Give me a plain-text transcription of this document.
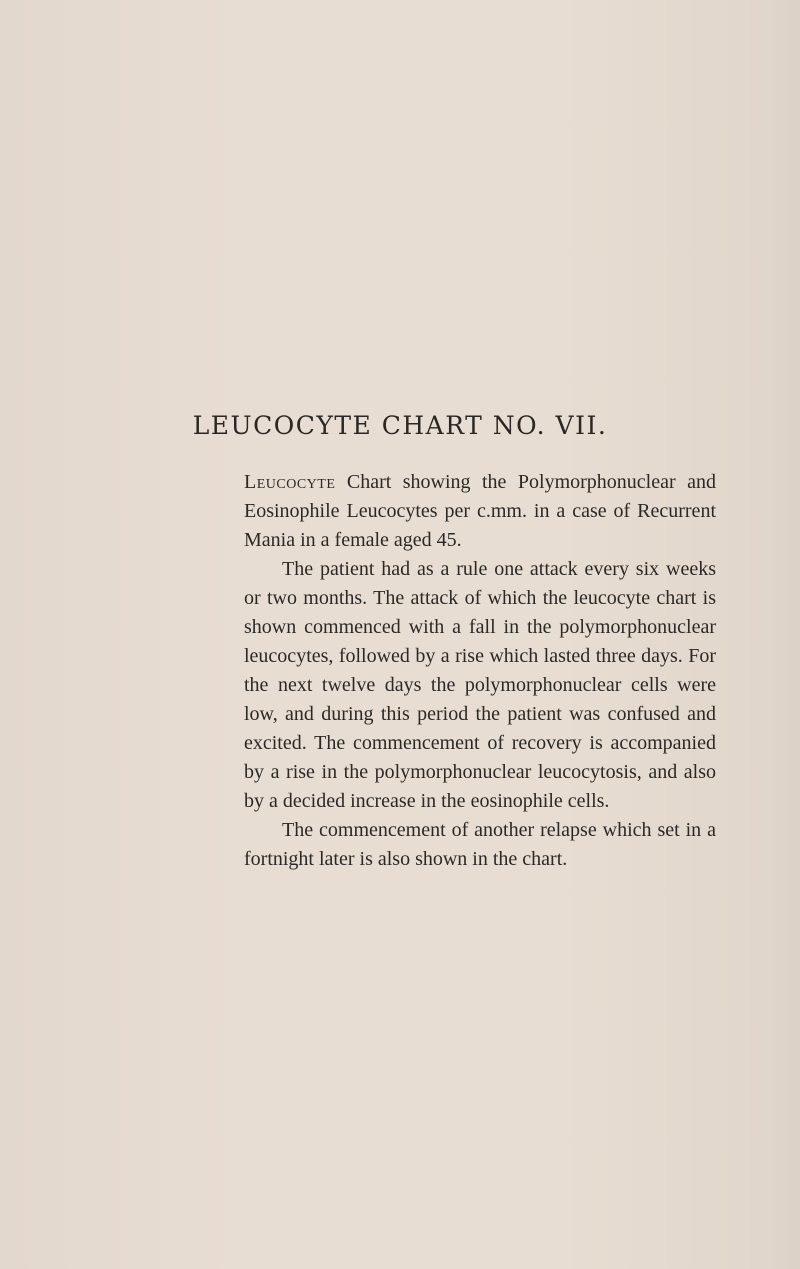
LEUCOCYTE CHART NO. VII.

Leucocyte Chart showing the Polymorphonuclear and Eosinophile Leucocytes per c.mm. in a case of Recurrent Mania in a female aged 45.

The patient had as a rule one attack every six weeks or two months. The attack of which the leucocyte chart is shown commenced with a fall in the polymorphonuclear leucocytes, followed by a rise which lasted three days. For the next twelve days the polymorphonuclear cells were low, and during this period the patient was confused and excited. The commencement of recovery is accompanied by a rise in the polymorphonuclear leucocytosis, and also by a decided increase in the eosinophile cells.

The commencement of another relapse which set in a fortnight later is also shown in the chart.
